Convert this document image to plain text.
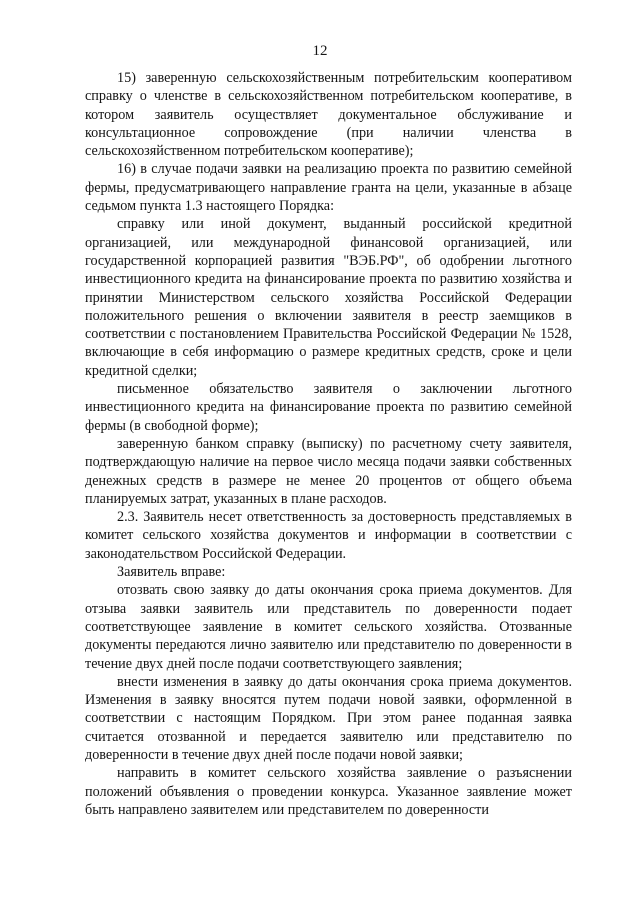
12

15) заверенную сельскохозяйственным потребительским кооперативом справку о членстве в сельскохозяйственном потребительском кооперативе, в котором заявитель осуществляет документальное обслуживание и консультационное сопровождение (при наличии членства в сельскохозяйственном потребительском кооперативе);

16) в случае подачи заявки на реализацию проекта по развитию семейной фермы, предусматривающего направление гранта на цели, указанные в абзаце седьмом пункта 1.3 настоящего Порядка:

справку или иной документ, выданный российской кредитной организацией, или международной финансовой организацией, или государственной корпорацией развития "ВЭБ.РФ", об одобрении льготного инвестиционного кредита на финансирование проекта по развитию хозяйства и принятии Министерством сельского хозяйства Российской Федерации положительного решения о включении заявителя в реестр заемщиков в соответствии с постановлением Правительства Российской Федерации № 1528, включающие в себя информацию о размере кредитных средств, сроке и цели кредитной сделки;

письменное обязательство заявителя о заключении льготного инвестиционного кредита на финансирование проекта по развитию семейной фермы (в свободной форме);

заверенную банком справку (выписку) по расчетному счету заявителя, подтверждающую наличие на первое число месяца подачи заявки собственных денежных средств в размере не менее 20 процентов от общего объема планируемых затрат, указанных в плане расходов.

2.3. Заявитель несет ответственность за достоверность представляемых в комитет сельского хозяйства документов и информации в соответствии с законодательством Российской Федерации.

Заявитель вправе:

отозвать свою заявку до даты окончания срока приема документов. Для отзыва заявки заявитель или представитель по доверенности подает соответствующее заявление в комитет сельского хозяйства. Отозванные документы передаются лично заявителю или представителю по доверенности в течение двух дней после подачи соответствующего заявления;

внести изменения в заявку до даты окончания срока приема документов. Изменения в заявку вносятся путем подачи новой заявки, оформленной в соответствии с настоящим Порядком. При этом ранее поданная заявка считается отозванной и передается заявителю или представителю по доверенности в течение двух дней после подачи новой заявки;

направить в комитет сельского хозяйства заявление о разъяснении положений объявления о проведении конкурса. Указанное заявление может быть направлено заявителем или представителем по доверенности
